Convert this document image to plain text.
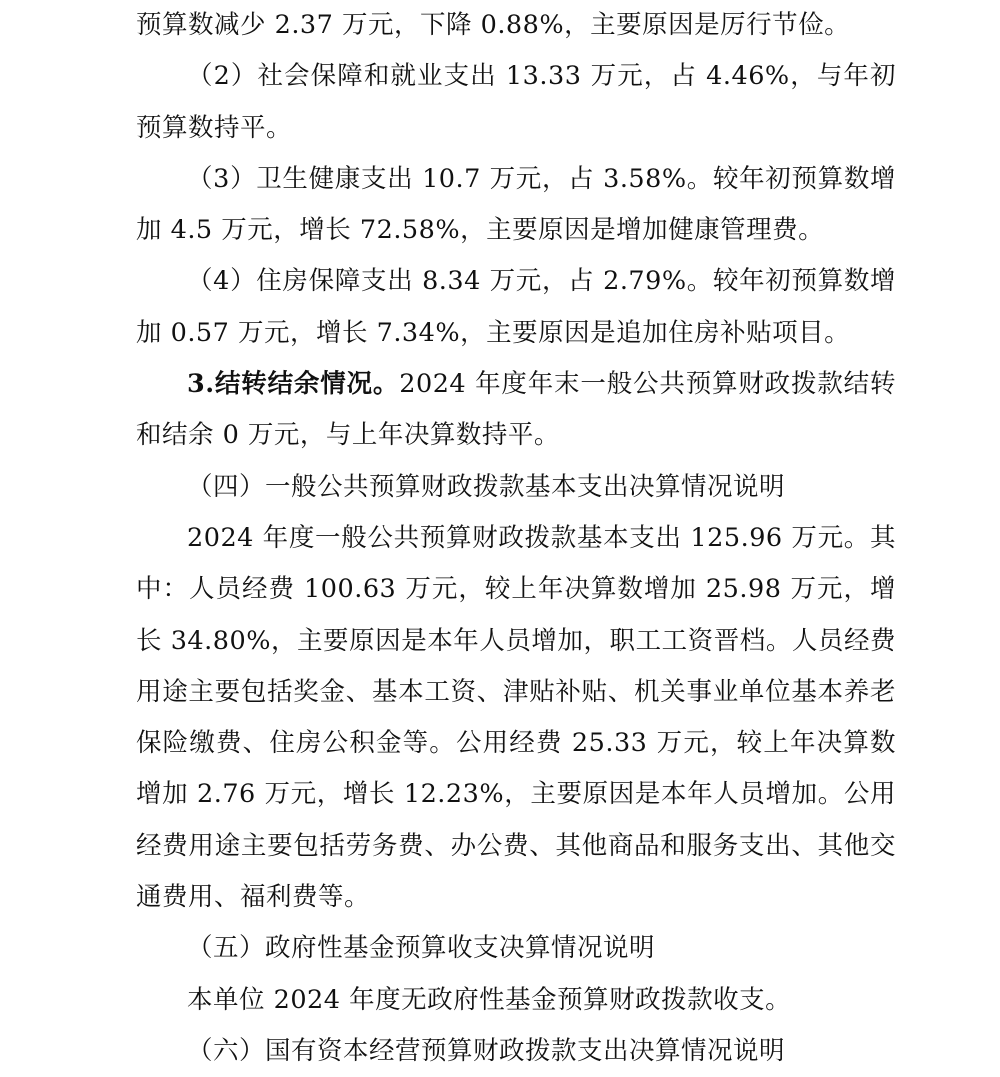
预算数减少 2.37 万元，下降 0.88%，主要原因是厉行节俭。

（2）社会保障和就业支出 13.33 万元，占 4.46%，与年初预算数持平。

（3）卫生健康支出 10.7 万元，占 3.58%。较年初预算数增加 4.5 万元，增长 72.58%，主要原因是增加健康管理费。

（4）住房保障支出 8.34 万元，占 2.79%。较年初预算数增加 0.57 万元，增长 7.34%，主要原因是追加住房补贴项目。

3.结转结余情况。2024 年度年末一般公共预算财政拨款结转和结余 0 万元，与上年决算数持平。

（四）一般公共预算财政拨款基本支出决算情况说明

2024 年度一般公共预算财政拨款基本支出 125.96 万元。其中：人员经费 100.63 万元，较上年决算数增加 25.98 万元，增长 34.80%，主要原因是本年人员增加，职工工资晋档。人员经费用途主要包括奖金、基本工资、津贴补贴、机关事业单位基本养老保险缴费、住房公积金等。公用经费 25.33 万元，较上年决算数增加 2.76 万元，增长 12.23%，主要原因是本年人员增加。公用经费用途主要包括劳务费、办公费、其他商品和服务支出、其他交通费用、福利费等。

（五）政府性基金预算收支决算情况说明

本单位 2024 年度无政府性基金预算财政拨款收支。

（六）国有资本经营预算财政拨款支出决算情况说明
